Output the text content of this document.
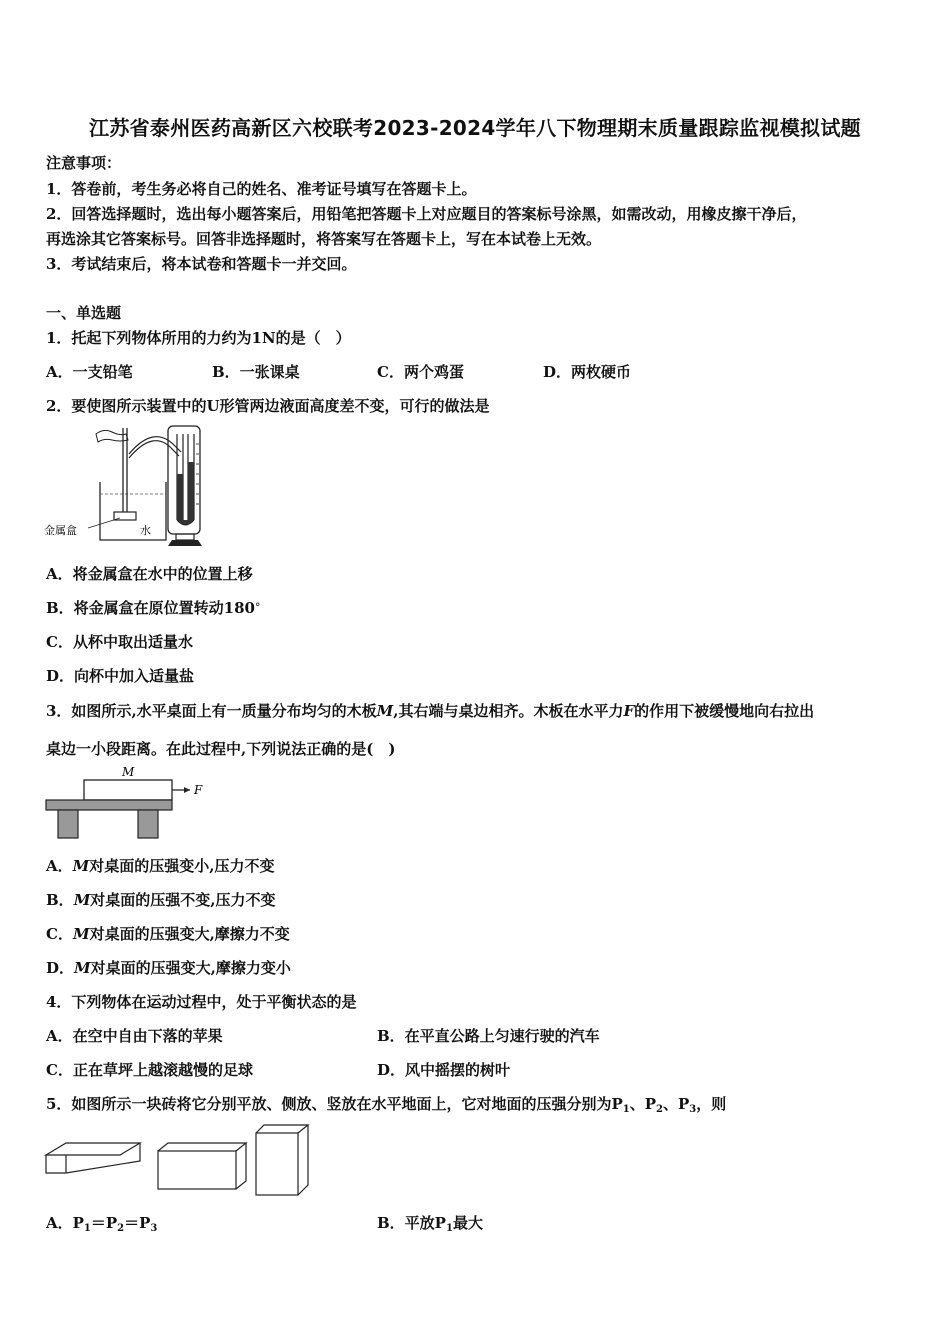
江苏省泰州医药高新区六校联考2023-2024学年八下物理期末质量跟踪监视模拟试题
注意事项：
1．答卷前，考生务必将自己的姓名、准考证号填写在答题卡上。
2．回答选择题时，选出每小题答案后，用铅笔把答题卡上对应题目的答案标号涂黑，如需改动，用橡皮擦干净后，
再选涂其它答案标号。回答非选择题时，将答案写在答题卡上，写在本试卷上无效。
3．考试结束后，将本试卷和答题卡一并交回。
一、单选题
1．托起下列物体所用的力约为1N的是（　）
A．一支铅笔	B．一张课桌	C．两个鸡蛋	D．两枚硬币
2．要使图所示装置中的U形管两边液面高度差不变，可行的做法是
金属盒	水
A．将金属盒在水中的位置上移
B．将金属盒在原位置转动180°
C．从杯中取出适量水
D．向杯中加入适量盐
3．如图所示,水平桌面上有一质量分布均匀的木板M,其右端与桌边相齐。木板在水平力F的作用下被缓慢地向右拉出
桌边一小段距离。在此过程中,下列说法正确的是(　)
M
F
A．M对桌面的压强变小,压力不变
B．M对桌面的压强不变,压力不变
C．M对桌面的压强变大,摩擦力不变
D．M对桌面的压强变大,摩擦力变小
4．下列物体在运动过程中，处于平衡状态的是
A．在空中自由下落的苹果	B．在平直公路上匀速行驶的汽车
C．正在草坪上越滚越慢的足球	D．风中摇摆的树叶
5．如图所示一块砖将它分别平放、侧放、竖放在水平地面上，它对地面的压强分别为$P_1$、$P_2$、$P_3$，则
A．$P_1=P_2=P_3$	B．平放$P_1$最大
